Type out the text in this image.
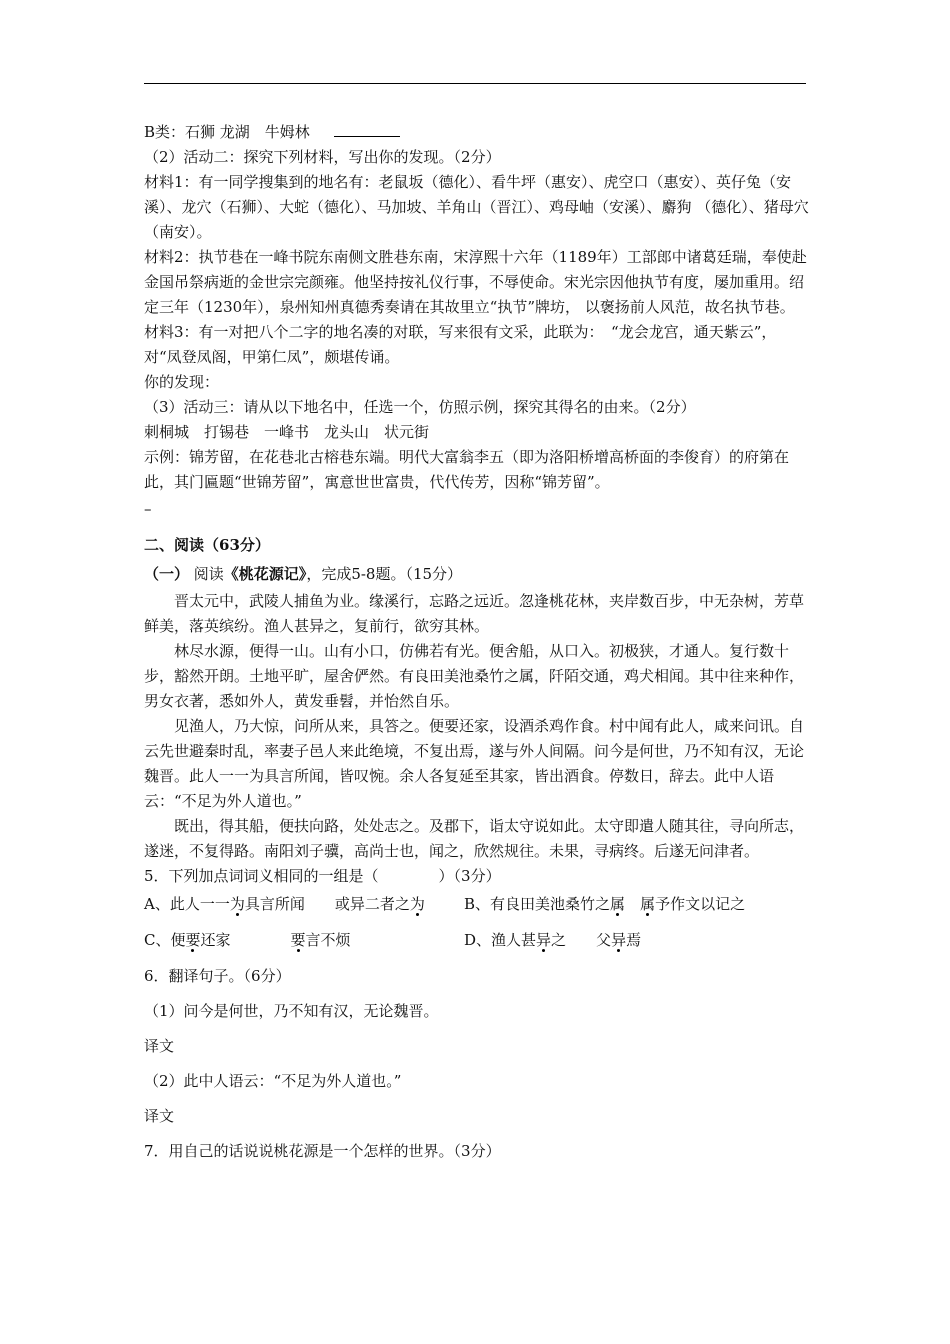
B类：石狮 龙湖　牛姆林

（2）活动二：探究下列材料，写出你的发现。（2分）

材料1：有一同学搜集到的地名有：老鼠坂（德化）、看牛坪（惠安）、虎空口（惠安）、英仔兔（安溪）、龙穴（石狮）、大蛇（德化）、马加坡、羊角山（晋江）、鸡母岫（安溪）、麝狗 （德化）、猪母穴（南安）。

材料2：执节巷在一峰书院东南侧文胜巷东南，宋淳熙十六年（1189年）工部郎中诸葛廷瑞，奉使赴金国吊祭病逝的金世宗完颜雍。他坚持按礼仪行事，不辱使命。宋光宗因他执节有度，屡加重用。绍定三年（1230年），泉州知州真德秀奏请在其故里立“执节”牌坊， 以褒扬前人风范，故名执节巷。

材料3：有一对把八个二字的地名凑的对联，写来很有文采，此联为：　“龙会龙宫，通天紫云”，对“凤登凤阁，甲第仁凤”，颇堪传诵。

你的发现：

（3）活动三：请从以下地名中，任选一个，仿照示例，探究其得名的由来。（2分）

刺桐城　打锡巷　一峰书　龙头山　状元街

示例：锦芳留，在花巷北古榕巷东端。明代大富翁李五（即为洛阳桥增高桥面的李俊育）的府第在此，其门匾题“世锦芳留”，寓意世世富贵，代代传芳，因称“锦芳留”。

–

二、阅读（63分）

（一） 阅读《桃花源记》，完成5-8题。（15分）

晋太元中，武陵人捕鱼为业。缘溪行，忘路之远近。忽逢桃花林，夹岸数百步，中无杂树，芳草鲜美，落英缤纷。渔人甚异之，复前行，欲穷其林。

林尽水源，便得一山。山有小口，仿佛若有光。便舍船，从口入。初极狭，才通人。复行数十步，豁然开朗。土地平旷，屋舍俨然。有良田美池桑竹之属，阡陌交通，鸡犬相闻。其中往来种作，男女衣著，悉如外人，黄发垂髫，并怡然自乐。

见渔人，乃大惊，问所从来，具答之。便要还家，设酒杀鸡作食。村中闻有此人，咸来问讯。自云先世避秦时乱，率妻子邑人来此绝境，不复出焉，遂与外人间隔。问今是何世，乃不知有汉，无论魏晋。此人一一为具言所闻，皆叹惋。余人各复延至其家，皆出酒食。停数日，辞去。此中人语云：“不足为外人道也。”

既出，得其船，便扶向路，处处志之。及郡下，诣太守说如此。太守即遣人随其往，寻向所志，遂迷，不复得路。南阳刘子骥，高尚士也，闻之，欣然规往。未果，寻病终。后遂无问津者。

5．下列加点词词义相同的一组是（　　　　）（3分）

A、此人一一为具言所闻　　或异二者之为	B、有良田美池桑竹之属　 属予作文以记之
C、便要还家　　　　要言不烦	D、渔人甚异之　　父异焉

6．翻译句子。（6分）

（1）问今是何世，乃不知有汉，无论魏晋。

译文

（2）此中人语云：“不足为外人道也。”

译文

7．用自己的话说说桃花源是一个怎样的世界。（3分）
